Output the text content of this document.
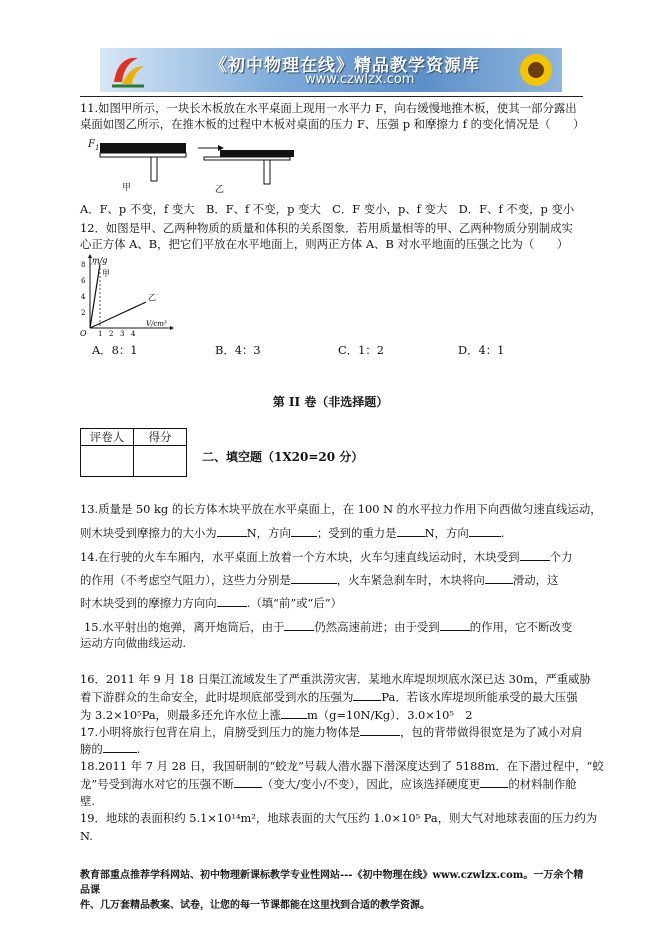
《初中物理在线》精品教学资源库
www.czwlzx.com
11.如图甲所示，一块长木板放在水平桌面上现用一水平力 F，向右缓慢地推木板，使其一部分露出
桌面如图乙所示，在推木板的过程中木板对桌面的压力 F、压强 p 和摩擦力 f 的变化情况是（　　）
$F_1$
甲	乙
A．F、p 不变，f 变大　B．F、f 不变，p 变大　C．F 变小，p、f 变大　D．F、f 不变，p 变小
12．如图是甲、乙两种物质的质量和体积的关系图象．若用质量相等的甲、乙两种物质分别制成实
心正方体 A、B，把它们平放在水平地面上，则两正方体 A、B 对水平地面的压强之比为（　　）
m/g
V/cm³
O
8
6
4
2
1 2 3 4
甲
乙
A．8：1	B．4：3	C．1：2	D．4：1
第 II 卷（非选择题）
评卷人	得分

二、填空题（1X20=20 分）
13.质量是 50 kg 的长方体木块平放在水平桌面上，在 100 N 的水平拉力作用下向西做匀速直线运动，
则木块受到摩擦力的大小为	N，方向 ；受到的重力是 N，方向	.
14.在行驶的火车车厢内，水平桌面上放着一个方木块，火车匀速直线运动时，木块受到	个力
的作用（不考虑空气阻力），这些力分别是	，火车紧急刹车时，木块将向 滑动，这
时木块受到的摩擦力方向向	.（填“前”或“后”）
15.水平射出的炮弹，离开炮筒后，由于	仍然高速前进；由于受到	的作用，它不断改变
运动方向做曲线运动.
16．2011 年 9 月 18 日渠江流域发生了严重洪涝灾害．某地水库堤坝坝底水深已达 30m，严重威胁
着下游群众的生命安全，此时堤坝底部受到水的压强为 Pa．若该水库堤坝所能承受的最大压强
为 3.2×10⁵Pa，则最多还允许水位上涨 m（g=10N/Kg）．3.0×10⁵　2
17.小明将旅行包背在肩上，肩膀受到压力的施力物体是	，包的背带做得很宽是为了减小对肩
膀的	.
18.2011 年 7 月 28 日，我国研制的“蛟龙”号载人潜水器下潜深度达到了 5188m．在下潜过程中，“蛟
龙”号受到海水对它的压强不断 （变大/变小/不变），因此，应该选择硬度更 的材料制作舱
壁.
19．地球的表面积约 5.1×10¹⁴m²，地球表面的大气压约 1.0×10⁵ Pa，则大气对地球表面的压力约为
N.
教育部重点推荐学科网站、初中物理新课标教学专业性网站---《初中物理在线》www.czwlzx.com。一万余个精品课
件、几万套精品教案、试卷，让您的每一节课都能在这里找到合适的教学资源。
